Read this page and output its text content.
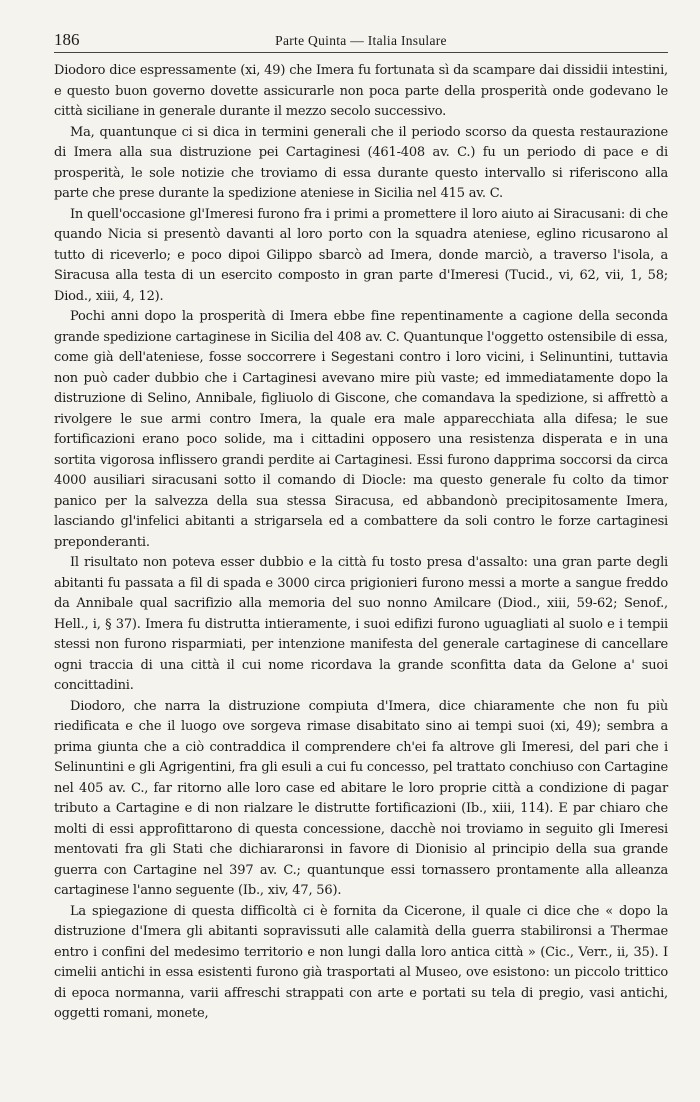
186	Parte Quinta — Italia Insulare

Diodoro dice espressamente (xi, 49) che Imera fu fortunata sì da scampare dai dissidii intestini, e questo buon governo dovette assicurarle non poca parte della prosperità onde godevano le città siciliane in generale durante il mezzo secolo successivo.

Ma, quantunque ci si dica in termini generali che il periodo scorso da questa restaurazione di Imera alla sua distruzione pei Cartaginesi (461-408 av. C.) fu un periodo di pace e di prosperità, le sole notizie che troviamo di essa durante questo intervallo si riferiscono alla parte che prese durante la spedizione ateniese in Sicilia nel 415 av. C.

In quell'occasione gl'Imeresi furono fra i primi a promettere il loro aiuto ai Siracusani: di che quando Nicia si presentò davanti al loro porto con la squadra ateniese, eglino ricusarono al tutto di riceverlo; e poco dipoi Gilippo sbarcò ad Imera, donde marciò, a traverso l'isola, a Siracusa alla testa di un esercito composto in gran parte d'Imeresi (Tucid., vi, 62, vii, 1, 58; Diod., xiii, 4, 12).

Pochi anni dopo la prosperità di Imera ebbe fine repentinamente a cagione della seconda grande spedizione cartaginese in Sicilia del 408 av. C. Quantunque l'oggetto ostensibile di essa, come già dell'ateniese, fosse soccorrere i Segestani contro i loro vicini, i Selinuntini, tuttavia non può cader dubbio che i Cartaginesi avevano mire più vaste; ed immediatamente dopo la distruzione di Selino, Annibale, figliuolo di Giscone, che comandava la spedizione, si affrettò a rivolgere le sue armi contro Imera, la quale era male apparecchiata alla difesa; le sue fortificazioni erano poco solide, ma i cittadini opposero una resistenza disperata e in una sortita vigorosa inflissero grandi perdite ai Cartaginesi. Essi furono dapprima soccorsi da circa 4000 ausiliari siracusani sotto il comando di Diocle: ma questo generale fu colto da timor panico per la salvezza della sua stessa Siracusa, ed abbandonò precipitosamente Imera, lasciando gl'infelici abitanti a strigarsela ed a combattere da soli contro le forze cartaginesi preponderanti.

Il risultato non poteva esser dubbio e la città fu tosto presa d'assalto: una gran parte degli abitanti fu passata a fil di spada e 3000 circa prigionieri furono messi a morte a sangue freddo da Annibale qual sacrifizio alla memoria del suo nonno Amilcare (Diod., xiii, 59-62; Senof., Hell., i, § 37). Imera fu distrutta intieramente, i suoi edifizi furono uguagliati al suolo e i tempii stessi non furono risparmiati, per intenzione manifesta del generale cartaginese di cancellare ogni traccia di una città il cui nome ricordava la grande sconfitta data da Gelone a' suoi concittadini.

Diodoro, che narra la distruzione compiuta d'Imera, dice chiaramente che non fu più riedificata e che il luogo ove sorgeva rimase disabitato sino ai tempi suoi (xi, 49); sembra a prima giunta che a ciò contraddica il comprendere ch'ei fa altrove gli Imeresi, del pari che i Selinuntini e gli Agrigentini, fra gli esuli a cui fu concesso, pel trattato conchiuso con Cartagine nel 405 av. C., far ritorno alle loro case ed abitare le loro proprie città a condizione di pagar tributo a Cartagine e di non rialzare le distrutte fortificazioni (Ib., xiii, 114). E par chiaro che molti di essi approfittarono di questa concessione, dacchè noi troviamo in seguito gli Imeresi mentovati fra gli Stati che dichiararonsi in favore di Dionisio al principio della sua grande guerra con Cartagine nel 397 av. C.; quantunque essi tornassero prontamente alla alleanza cartaginese l'anno seguente (Ib., xiv, 47, 56).

La spiegazione di questa difficoltà ci è fornita da Cicerone, il quale ci dice che « dopo la distruzione d'Imera gli abitanti sopravissuti alle calamità della guerra stabilironsi a Thermae entro i confini del medesimo territorio e non lungi dalla loro antica città » (Cic., Verr., ii, 35). I cimelii antichi in essa esistenti furono già trasportati al Museo, ove esistono: un piccolo trittico di epoca normanna, varii affreschi strappati con arte e portati su tela di pregio, vasi antichi, oggetti romani, monete,
